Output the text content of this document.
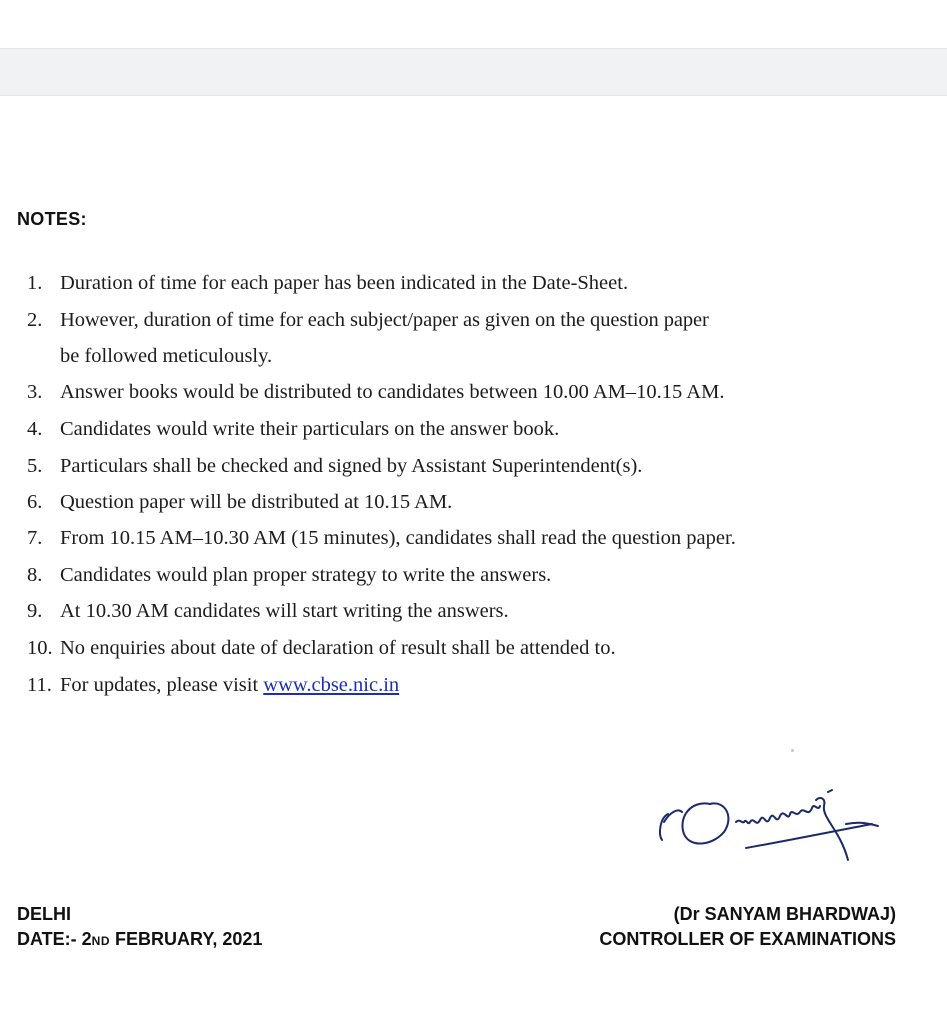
NOTES:
1. Duration of time for each paper has been indicated in the Date-Sheet.
2. However, duration of time for each subject/paper as given on the question paper
be followed meticulously.
3. Answer books would be distributed to candidates between 10.00 AM–10.15 AM.
4. Candidates would write their particulars on the answer book.
5. Particulars shall be checked and signed by Assistant Superintendent(s).
6. Question paper will be distributed at 10.15 AM.
7. From 10.15 AM–10.30 AM (15 minutes), candidates shall read the question paper.
8. Candidates would plan proper strategy to write the answers.
9. At 10.30 AM candidates will start writing the answers.
10. No enquiries about date of declaration of result shall be attended to.
11. For updates, please visit www.cbse.nic.in
DELHI
DATE:- 2ND FEBRUARY, 2021
(Dr SANYAM BHARDWAJ)
CONTROLLER OF EXAMINATIONS
